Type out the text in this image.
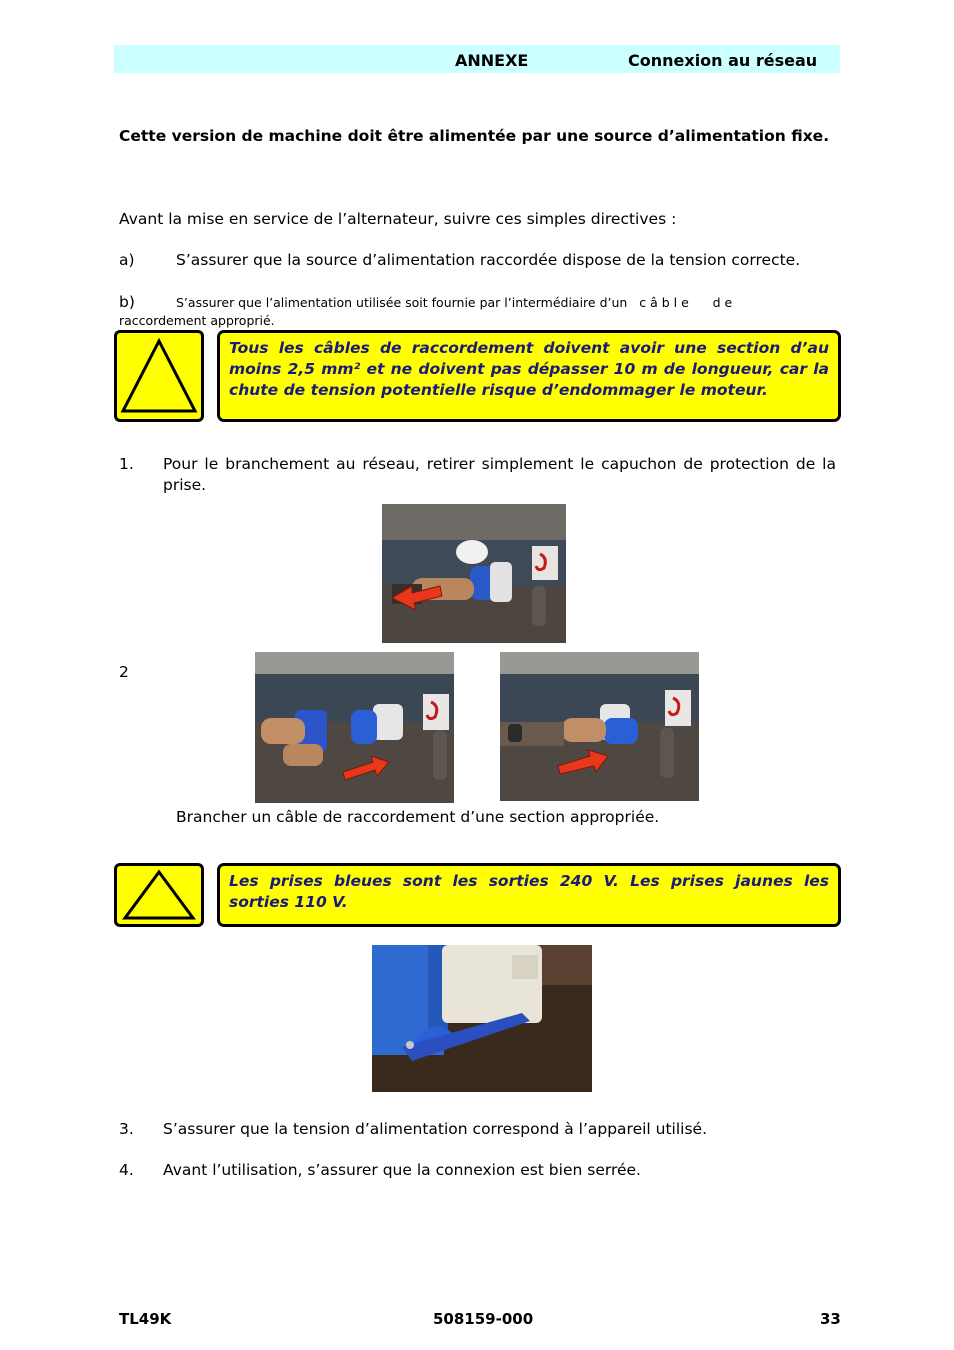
ANNEXE	Connexion au réseau
Cette version de machine doit être alimentée par une source d’alimentation fixe.
Avant la mise en service de l’alternateur, suivre ces simples directives :
a)	S’assurer que la source d’alimentation raccordée dispose de la tension correcte.
b)	S’assurer que l’alimentation utilisée soit fournie par l’intermédiaire d’un   c â b l e      d e
raccordement approprié.
Tous les câbles de raccordement doivent avoir une section d’au moins 2,5 mm² et ne doivent pas dépasser 10 m de longueur, car la chute de tension potentielle risque d’endommager le moteur.
1. Pour le branchement au réseau, retirer simplement le capuchon de protection de la prise.
2
Brancher un câble de raccordement d’une section appropriée.
Les prises bleues sont les sorties 240 V. Les prises jaunes les sorties 110 V.
3. S’assurer que la tension d’alimentation correspond à l’appareil utilisé.
4. Avant l’utilisation, s’assurer que la connexion est bien serrée.
TL49K	508159-000	33
